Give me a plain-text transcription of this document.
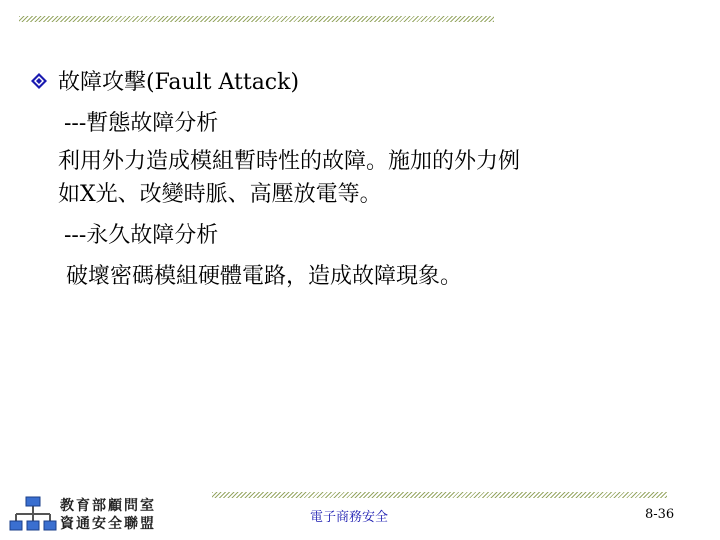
故障攻擊(Fault Attack)
---暫態故障分析
利用外力造成模組暫時性的故障。施加的外力例
如X光、改變時脈、高壓放電等。
---永久故障分析
破壞密碼模組硬體電路，造成故障現象。
教育部顧問室
資通安全聯盟	電子商務安全	8-36
